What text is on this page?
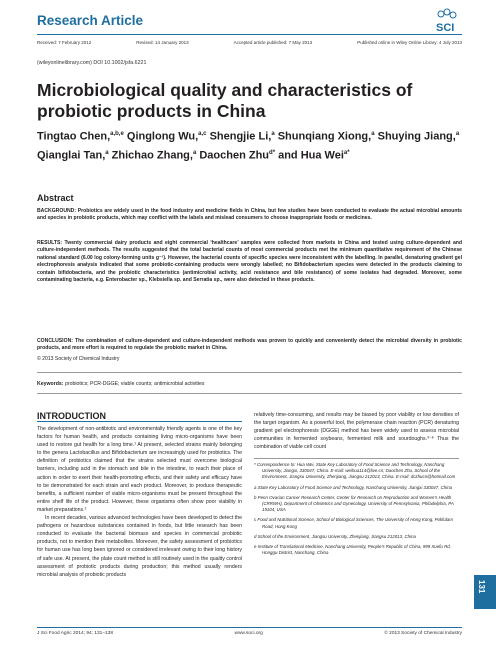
Research Article	SCI
Received: 7 February 2012	Revised: 14 January 2013	Accepted article published: 7 May 2013	Published online in Wiley Online Library: 4 July 2013
(wileyonlinelibrary.com) DOI 10.1002/jsfa.6221
Microbiological quality and characteristics of probiotic products in China
Tingtao Chen,$^{a,b,e}$ Qinglong Wu,$^{a,c}$ Shengjie Li,$^a$ Shunqiang Xiong,$^a$ Shuying Jiang,$^a$ Qianglai Tan,$^a$ Zhichao Zhang,$^a$ Daochen Zhu$^{d*}$ and Hua Wei$^{a*}$
Abstract
BACKGROUND: Probiotics are widely used in the food industry and medicine fields in China, but few studies have been conducted to evaluate the actual microbial amounts and species in probiotic products, which may conflict with the labels and mislead consumers to choose inappropriate foods or medicines.
RESULTS: Twenty commercial dairy products and eight commercial ‘healthcare’ samples were collected from markets in China and tested using culture-dependent and culture-independent methods. The results suggested that the total bacterial counts of most commercial products met the minimum quantitative requirement of the Chinese national standard (6.00 log colony-forming units g⁻¹). However, the bacterial counts of specific species were inconsistent with the labelling. In parallel, denaturing gradient gel electrophoresis analysis indicated that some probiotic-containing products were wrongly labelled; no Bifidobacterium species were detected in the products claiming to contain bifidobacteria, and the probiotic characteristics (antimicrobial activity, acid resistance and bile resistance) of some isolates had degraded. Moreover, some contaminating bacteria, e.g. Enterobacter sp., Klebsiella sp. and Serratia sp., were also detected in these products.
CONCLUSION: The combination of culture-dependent and culture-independent methods was proven to quickly and conveniently detect the microbial diversity in probiotic products, and more effort is required to regulate the probiotic market in China.
© 2013 Society of Chemical Industry
Keywords: probiotics; PCR-DGGE; viable counts; antimicrobial activities
INTRODUCTION

The development of non-antibiotic and environmentally friendly agents is one of the key factors for human health, and products containing living micro-organisms have been used to restore gut health for a long time.¹ At present, selected strains mainly belonging to the genera Lactobacillus and Bifidobacterium are increasingly used for probiotics. The definition of probiotics claimed that the strains selected must overcome biological barriers, including acid in the stomach and bile in the intestine, to reach their place of action in order to exert their health-promoting effects, and their safety and efficacy have to be demonstrated for each strain and each product. Moreover, to produce therapeutic benefits, a sufficient number of viable micro-organisms must be present throughout the entire shelf life of the product. However, these organisms often show poor viability in market preparations.²

In recent decades, various advanced technologies have been developed to detect the pathogens or hazardous substances contained in foods, but little research has been conducted to evaluate the bacterial biomass and species in commercial probiotic products, not to mention their metabolites. Moreover, the safety assessment of probiotics for human use has long been ignored or considered irrelevant owing to their long history of safe use. At present, the plate count method is still routinely used in the quality control assessment of probiotic products during production; this method usually renders microbial analysis of probiotic products

relatively time-consuming, and results may be biased by poor viability or low densities of the target organism. As a powerful tool, the polymerase chain reaction (PCR) denaturing gradient gel electrophoresis (DGGE) method has been widely used to assess microbial communities in fermented soybeans, fermented milk and sourdoughs.³⁻⁸ Thus the combination of viable cell count

* Correspondence to: Hua Wei, State Key Laboratory of Food Science and Technology, Nanchang University, Jiangxi, 330047, China. E-mail: weihua114@live.cn; Daochen Zhu, School of the Environment, Jiangsu University, Zhenjiang, Jiangsu 212013, China. E-mail: dczhucn@hotmail.com

a State Key Laboratory of Food Science and Technology, Nanchang University, Jiangxi 330047, China

b Penn Ovarian Cancer Research Center, Center for Research on Reproduction and Women's Health (CRRWH), Department of Obstetrics and Gynecology, University of Pennsylvania, Philadelphia, PA 19104, USA

c Food and Nutritional Science, School of Biological Sciences, The University of Hong Kong, Pokfulam Road, Hong Kong

d School of the Environment, Jiangsu University, Zhenjiang, Jiangsu 212013, China

e Institute of Translational Medicine, Nanchang University, People's Republic of China, 999 Xuefu Rd, Honggu District, Nanchang, China

131
J Sci Food Agric 2014; 94: 131–138	www.soci.org	© 2013 Society of Chemical Industry
